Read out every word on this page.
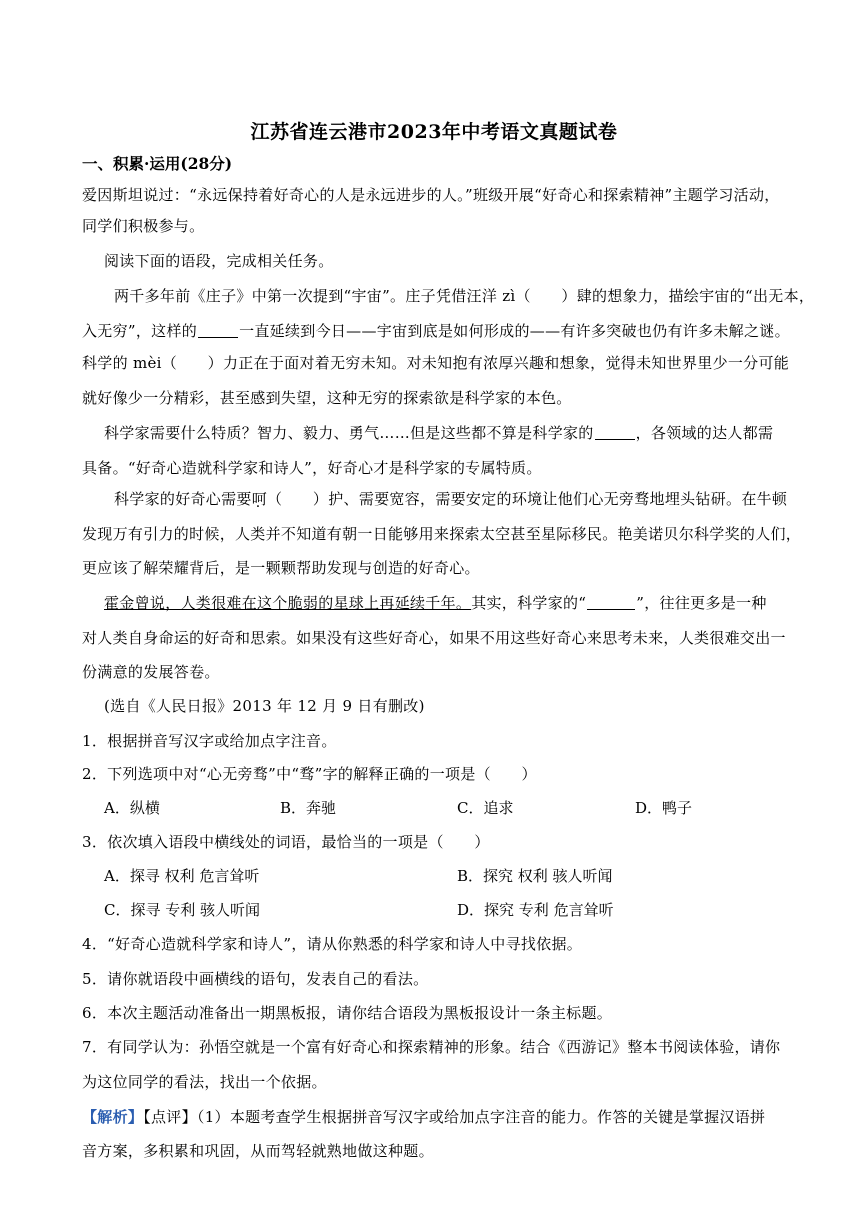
江苏省连云港市2023年中考语文真题试卷
一、积累·运用(28分)
爱因斯坦说过：“永远保持着好奇心的人是永远进步的人。”班级开展“好奇心和探索精神”主题学习活动，
同学们积极参与。
阅读下面的语段，完成相关任务。
两千多年前《庄子》中第一次提到“宇宙”。庄子凭借汪洋 zì（　　）肆的想象力，描绘宇宙的“出无本，
入无穷”，这样的	一直延续到今日——宇宙到底是如何形成的——有许多突破也仍有许多未解之谜。
科学的 mèi（　　）力正在于面对着无穷未知。对未知抱有浓厚兴趣和想象，觉得未知世界里少一分可能
就好像少一分精彩，甚至感到失望，这种无穷的探索欲是科学家的本色。
科学家需要什么特质？智力、毅力、勇气……但是这些都不算是科学家的	，各领域的达人都需
具备。“好奇心造就科学家和诗人”，好奇心才是科学家的专属特质。
科学家的好奇心需要呵（　　）护、需要宽容，需要安定的环境让他们心无旁骛地埋头钻研。在牛顿
发现万有引力的时候，人类并不知道有朝一日能够用来探索太空甚至星际移民。艳美诺贝尔科学奖的人们，
更应该了解荣耀背后，是一颗颗帮助发现与创造的好奇心。
霍金曾说，人类很难在这个脆弱的星球上再延续千年。其实，科学家的“	”，往往更多是一种
对人类自身命运的好奇和思索。如果没有这些好奇心，如果不用这些好奇心来思考未来，人类很难交出一
份满意的发展答卷。
(选自《人民日报》2013 年 12 月 9 日有删改)
1．根据拼音写汉字或给加点字注音。
2．下列选项中对“心无旁骛”中“骛”字的解释正确的一项是（　　）
A．纵横	B．奔驰	C．追求	D．鸭子
3．依次填入语段中横线处的词语，最恰当的一项是（　　）
A．探寻 权利 危言耸听	B．探究 权利 骇人听闻
C．探寻 专利 骇人听闻	D．探究 专利 危言耸听
4．“好奇心造就科学家和诗人”，请从你熟悉的科学家和诗人中寻找依据。
5．请你就语段中画横线的语句，发表自己的看法。
6．本次主题活动准备出一期黑板报，请你结合语段为黑板报设计一条主标题。
7．有同学认为：孙悟空就是一个富有好奇心和探索精神的形象。结合《西游记》整本书阅读体验，请你
为这位同学的看法，找出一个依据。
【解析】【点评】（1）本题考查学生根据拼音写汉字或给加点字注音的能力。作答的关键是掌握汉语拼
音方案，多积累和巩固，从而驾轻就熟地做这种题。
